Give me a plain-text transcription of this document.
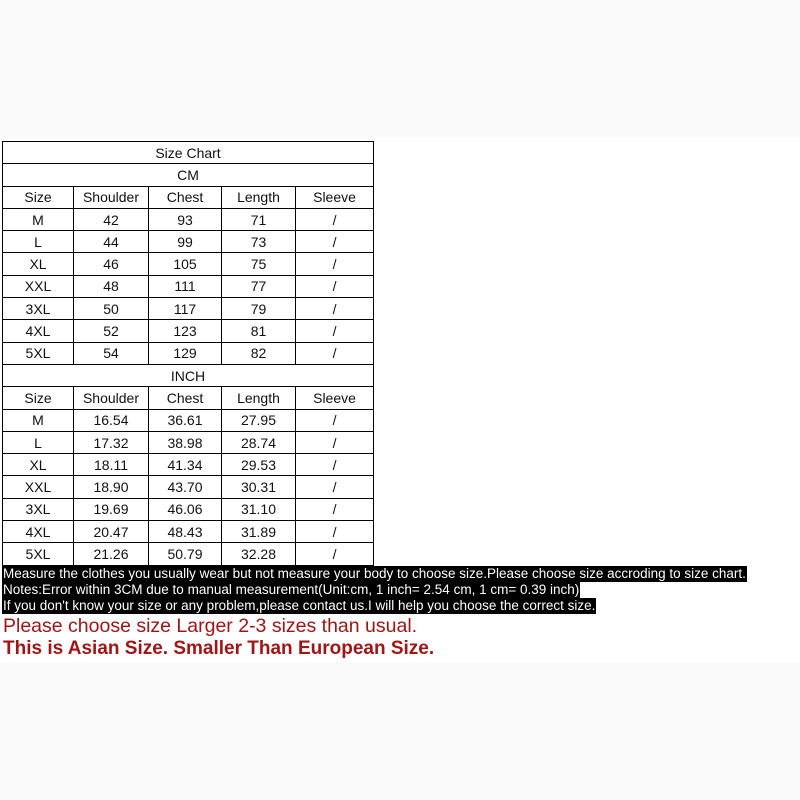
Size Chart				
CM				
Size	Shoulder	Chest	Length	Sleeve
M	42	93	71	/
L	44	99	73	/
XL	46	105	75	/
XXL	48	111	77	/
3XL	50	117	79	/
4XL	52	123	81	/
5XL	54	129	82	/
INCH				
Size	Shoulder	Chest	Length	Sleeve
M	16.54	36.61	27.95	/
L	17.32	38.98	28.74	/
XL	18.11	41.34	29.53	/
XXL	18.90	43.70	30.31	/
3XL	19.69	46.06	31.10	/
4XL	20.47	48.43	31.89	/
5XL	21.26	50.79	32.28	/
Measure the clothes you usually wear but not measure your body to choose size.Please choose size accroding to size chart.
Notes:Error within 3CM due to manual measurement(Unit:cm, 1 inch= 2.54 cm, 1 cm= 0.39 inch)
If you don't know your size or any problem,please contact us.I will help you choose the correct size.
Please choose size Larger 2-3 sizes than usual.
This is Asian Size. Smaller Than European Size.
